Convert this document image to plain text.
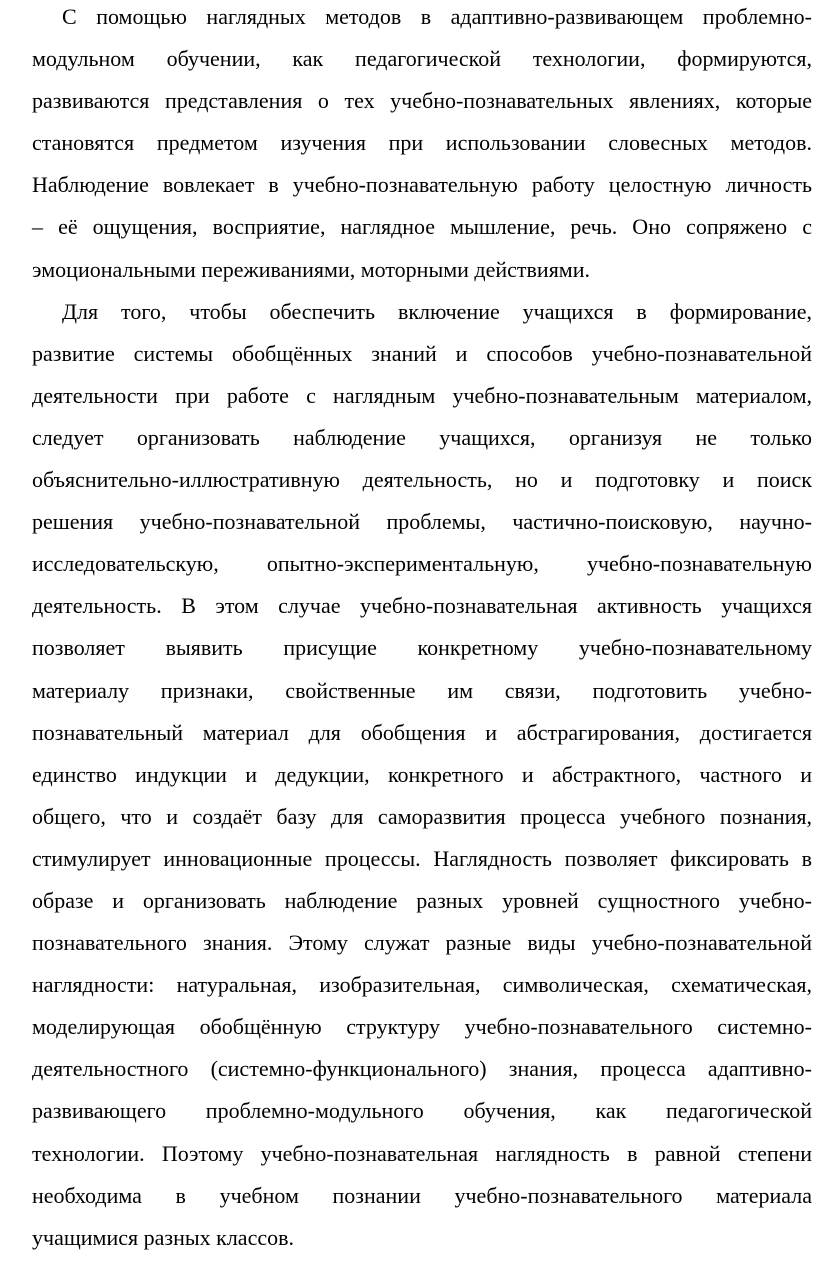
С помощью наглядных методов в адаптивно-развивающем проблемно-
модульном обучении, как педагогической технологии, формируются,
развиваются представления о тех учебно-познавательных явлениях, которые
становятся предметом изучения при использовании словесных методов.
Наблюдение вовлекает в учебно-познавательную работу целостную личность
– её ощущения, восприятие, наглядное мышление, речь. Оно сопряжено с
эмоциональными переживаниями, моторными действиями.
Для того, чтобы обеспечить включение учащихся в формирование,
развитие системы обобщённых знаний и способов учебно-познавательной
деятельности при работе с наглядным учебно-познавательным материалом,
следует организовать наблюдение учащихся, организуя не только
объяснительно-иллюстративную деятельность, но и подготовку и поиск
решения учебно-познавательной проблемы, частично-поисковую, научно-
исследовательскую, опытно-экспериментальную, учебно-познавательную
деятельность. В этом случае учебно-познавательная активность учащихся
позволяет выявить присущие конкретному учебно-познавательному
материалу признаки, свойственные им связи, подготовить учебно-
познавательный материал для обобщения и абстрагирования, достигается
единство индукции и дедукции, конкретного и абстрактного, частного и
общего, что и создаёт базу для саморазвития процесса учебного познания,
стимулирует инновационные процессы. Наглядность позволяет фиксировать в
образе и организовать наблюдение разных уровней сущностного учебно-
познавательного знания. Этому служат разные виды учебно-познавательной
наглядности: натуральная, изобразительная, символическая, схематическая,
моделирующая обобщённую структуру учебно-познавательного системно-
деятельностного (системно-функционального) знания, процесса адаптивно-
развивающего проблемно-модульного обучения, как педагогической
технологии. Поэтому учебно-познавательная наглядность в равной степени
необходима в учебном познании учебно-познавательного материала
учащимися разных классов.
